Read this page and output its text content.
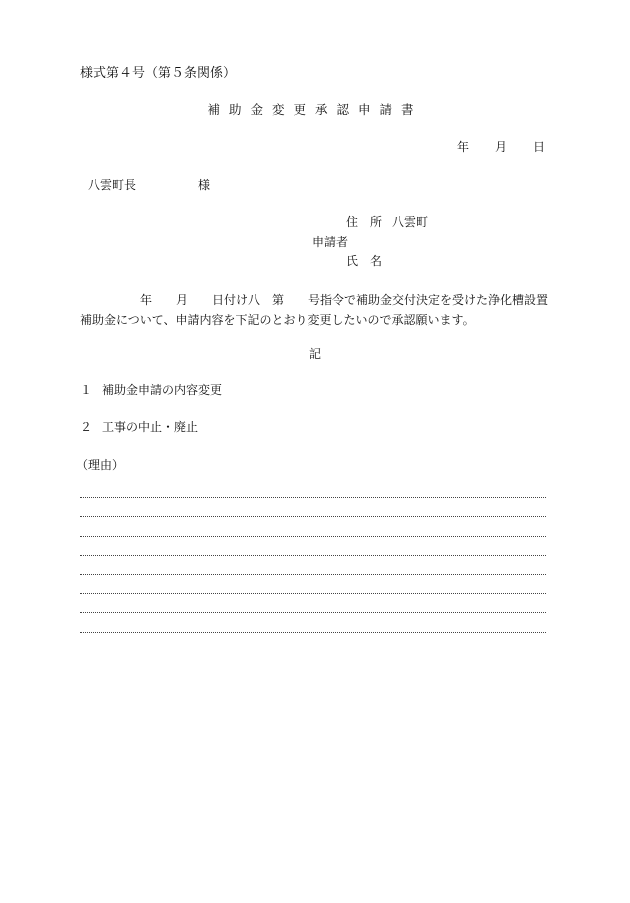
様式第４号（第５条関係）
補助金変更承認申請書
年 月 日
八雲町長	様
住　所 八雲町
申請者
氏　名
　　　　　年　　月　　日付け八　第　　号指令で補助金交付決定を受けた浄化槽設置補助金について、申請内容を下記のとおり変更したいので承認願います。
記
１ 補助金申請の内容変更
２ 工事の中止・廃止
（理由）
